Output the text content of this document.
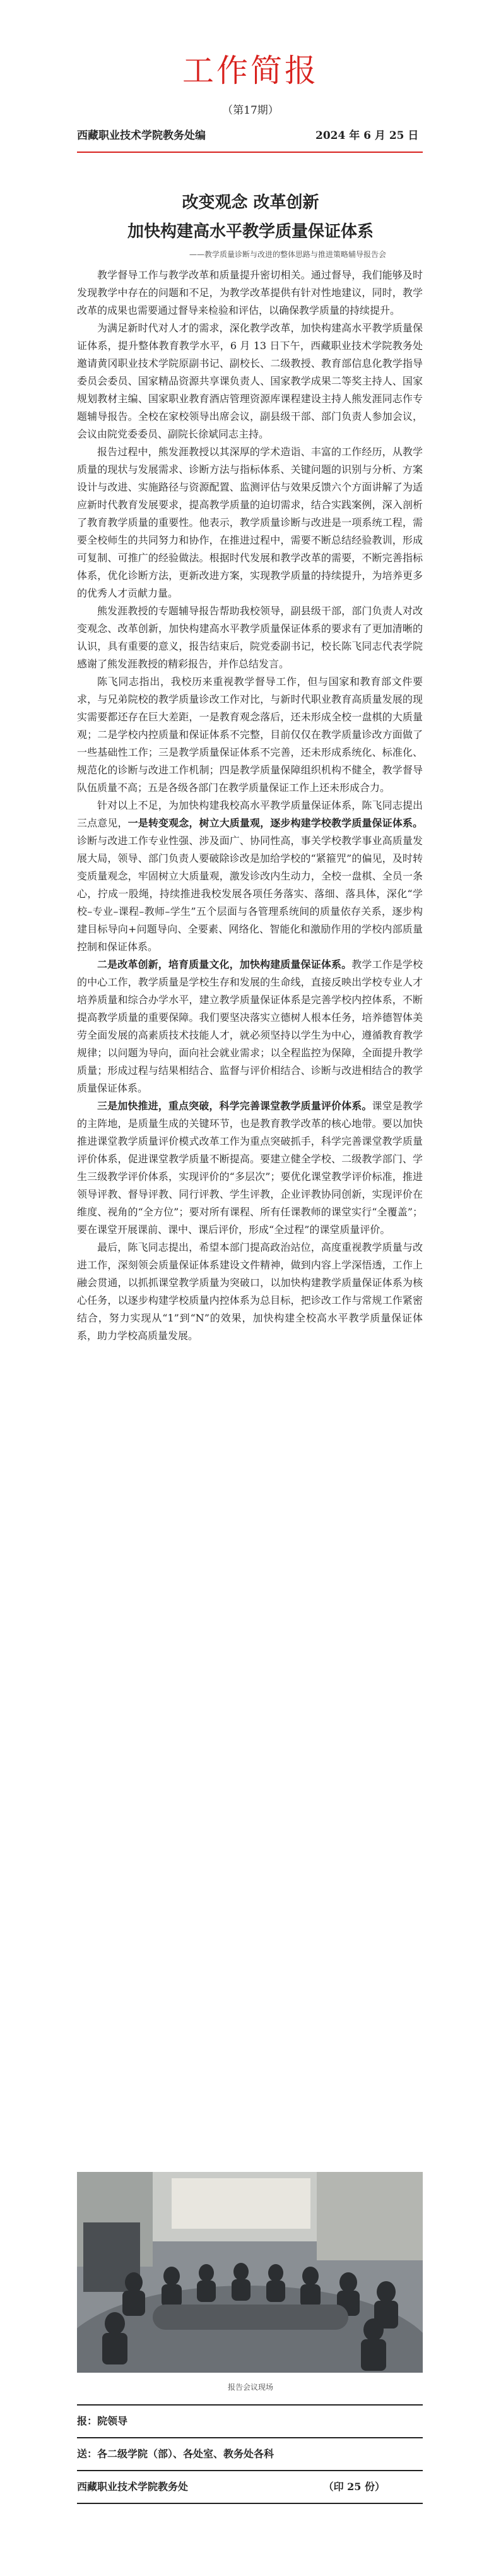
工作简报
（第17期）
西藏职业技术学院教务处编	2024 年 6 月 25 日
改变观念 改革创新
加快构建高水平教学质量保证体系
——教学质量诊断与改进的整体思路与推进策略辅导报告会

教学督导工作与教学改革和质量提升密切相关。通过督导，我们能够及时发现教学中存在的问题和不足，为教学改革提供有针对性地建议，同时，教学改革的成果也需要通过督导来检验和评估，以确保教学质量的持续提升。

为满足新时代对人才的需求，深化教学改革，加快构建高水平教学质量保证体系，提升整体教育教学水平，6 月 13 日下午，西藏职业技术学院教务处邀请黄冈职业技术学院原副书记、副校长、二级教授、教育部信息化教学指导委员会委员、国家精品资源共享课负责人、国家教学成果二等奖主持人、国家规划教材主编、国家职业教育酒店管理资源库课程建设主持人熊发涯同志作专题辅导报告。全校在家校领导出席会议，副县级干部、部门负责人参加会议，会议由院党委委员、副院长徐斌同志主持。

报告过程中，熊发涯教授以其深厚的学术造诣、丰富的工作经历，从教学质量的现状与发展需求、诊断方法与指标体系、关键问题的识别与分析、方案设计与改进、实施路径与资源配置、监测评估与效果反馈六个方面讲解了为适应新时代教育发展要求，提高教学质量的迫切需求，结合实践案例，深入剖析了教育教学质量的重要性。他表示，教学质量诊断与改进是一项系统工程，需要全校师生的共同努力和协作，在推进过程中，需要不断总结经验教训，形成可复制、可推广的经验做法。根据时代发展和教学改革的需要，不断完善指标体系，优化诊断方法，更新改进方案，实现教学质量的持续提升，为培养更多的优秀人才贡献力量。

熊发涯教授的专题辅导报告帮助我校领导，副县级干部，部门负责人对改变观念、改革创新，加快构建高水平教学质量保证体系的要求有了更加清晰的认识，具有重要的意义，报告结束后，院党委副书记，校长陈飞同志代表学院感谢了熊发涯教授的精彩报告，并作总结发言。

陈飞同志指出，我校历来重视教学督导工作，但与国家和教育部文件要求，与兄弟院校的教学质量诊改工作对比，与新时代职业教育高质量发展的现实需要都还存在巨大差距，一是教育观念落后，还未形成全校一盘棋的大质量观；二是学校内控质量和保证体系不完整，目前仅仅在教学质量诊改方面做了一些基础性工作；三是教学质量保证体系不完善，还未形成系统化、标准化、规范化的诊断与改进工作机制；四是教学质量保障组织机构不健全，教学督导队伍质量不高；五是各级各部门在教学质量保证工作上还未形成合力。

针对以上不足，为加快构建我校高水平教学质量保证体系，陈飞同志提出三点意见，一是转变观念，树立大质量观，逐步构建学校教学质量保证体系。诊断与改进工作专业性强、涉及面广、协同性高，事关学校教学事业高质量发展大局，领导、部门负责人要破除诊改是加给学校的“紧箍咒”的偏见，及时转变质量观念，牢固树立大质量观，激发诊改内生动力，全校一盘棋、全员一条心，拧成一股绳，持续推进我校发展各项任务落实、落细、落具体，深化“学校–专业–课程–教师–学生”五个层面与各管理系统间的质量依存关系，逐步构建目标导向+问题导向、全要素、网络化、智能化和激励作用的学校内部质量控制和保证体系。

二是改革创新，培育质量文化，加快构建质量保证体系。教学工作是学校的中心工作，教学质量是学校生存和发展的生命线，直接反映出学校专业人才培养质量和综合办学水平，建立教学质量保证体系是完善学校内控体系，不断提高教学质量的重要保障。我们要坚决落实立德树人根本任务，培养德智体美劳全面发展的高素质技术技能人才，就必须坚持以学生为中心，遵循教育教学规律；以问题为导向，面向社会就业需求；以全程监控为保障，全面提升教学质量；形成过程与结果相结合、监督与评价相结合、诊断与改进相结合的教学质量保证体系。

三是加快推进，重点突破，科学完善课堂教学质量评价体系。课堂是教学的主阵地，是质量生成的关键环节，也是教育教学改革的核心地带。要以加快推进课堂教学质量评价模式改革工作为重点突破抓手，科学完善课堂教学质量评价体系，促进课堂教学质量不断提高。要建立健全学校、二级教学部门、学生三级教学评价体系，实现评价的“多层次”；要优化课堂教学评价标准，推进领导评教、督导评教、同行评教、学生评教，企业评教协同创新，实现评价在维度、视角的“全方位”；要对所有课程、所有任课教师的课堂实行“全覆盖”；要在课堂开展课前、课中、课后评价，形成“全过程”的课堂质量评价。

最后，陈飞同志提出，希望本部门提高政治站位，高度重视教学质量与改进工作，深刻领会质量保证体系建设文件精神，做到内容上学深悟透，工作上融会贯通，以抓抓课堂教学质量为突破口，以加快构建教学质量保证体系为核心任务，以逐步构建学校质量内控体系为总目标，把诊改工作与常规工作紧密结合，努力实现从“1”到“N”的效果，加快构建全校高水平教学质量保证体系，助力学校高质量发展。

报告会议现场
报：院领导
送：各二级学院（部）、各处室、教务处各科
西藏职业技术学院教务处	（印 25 份）
